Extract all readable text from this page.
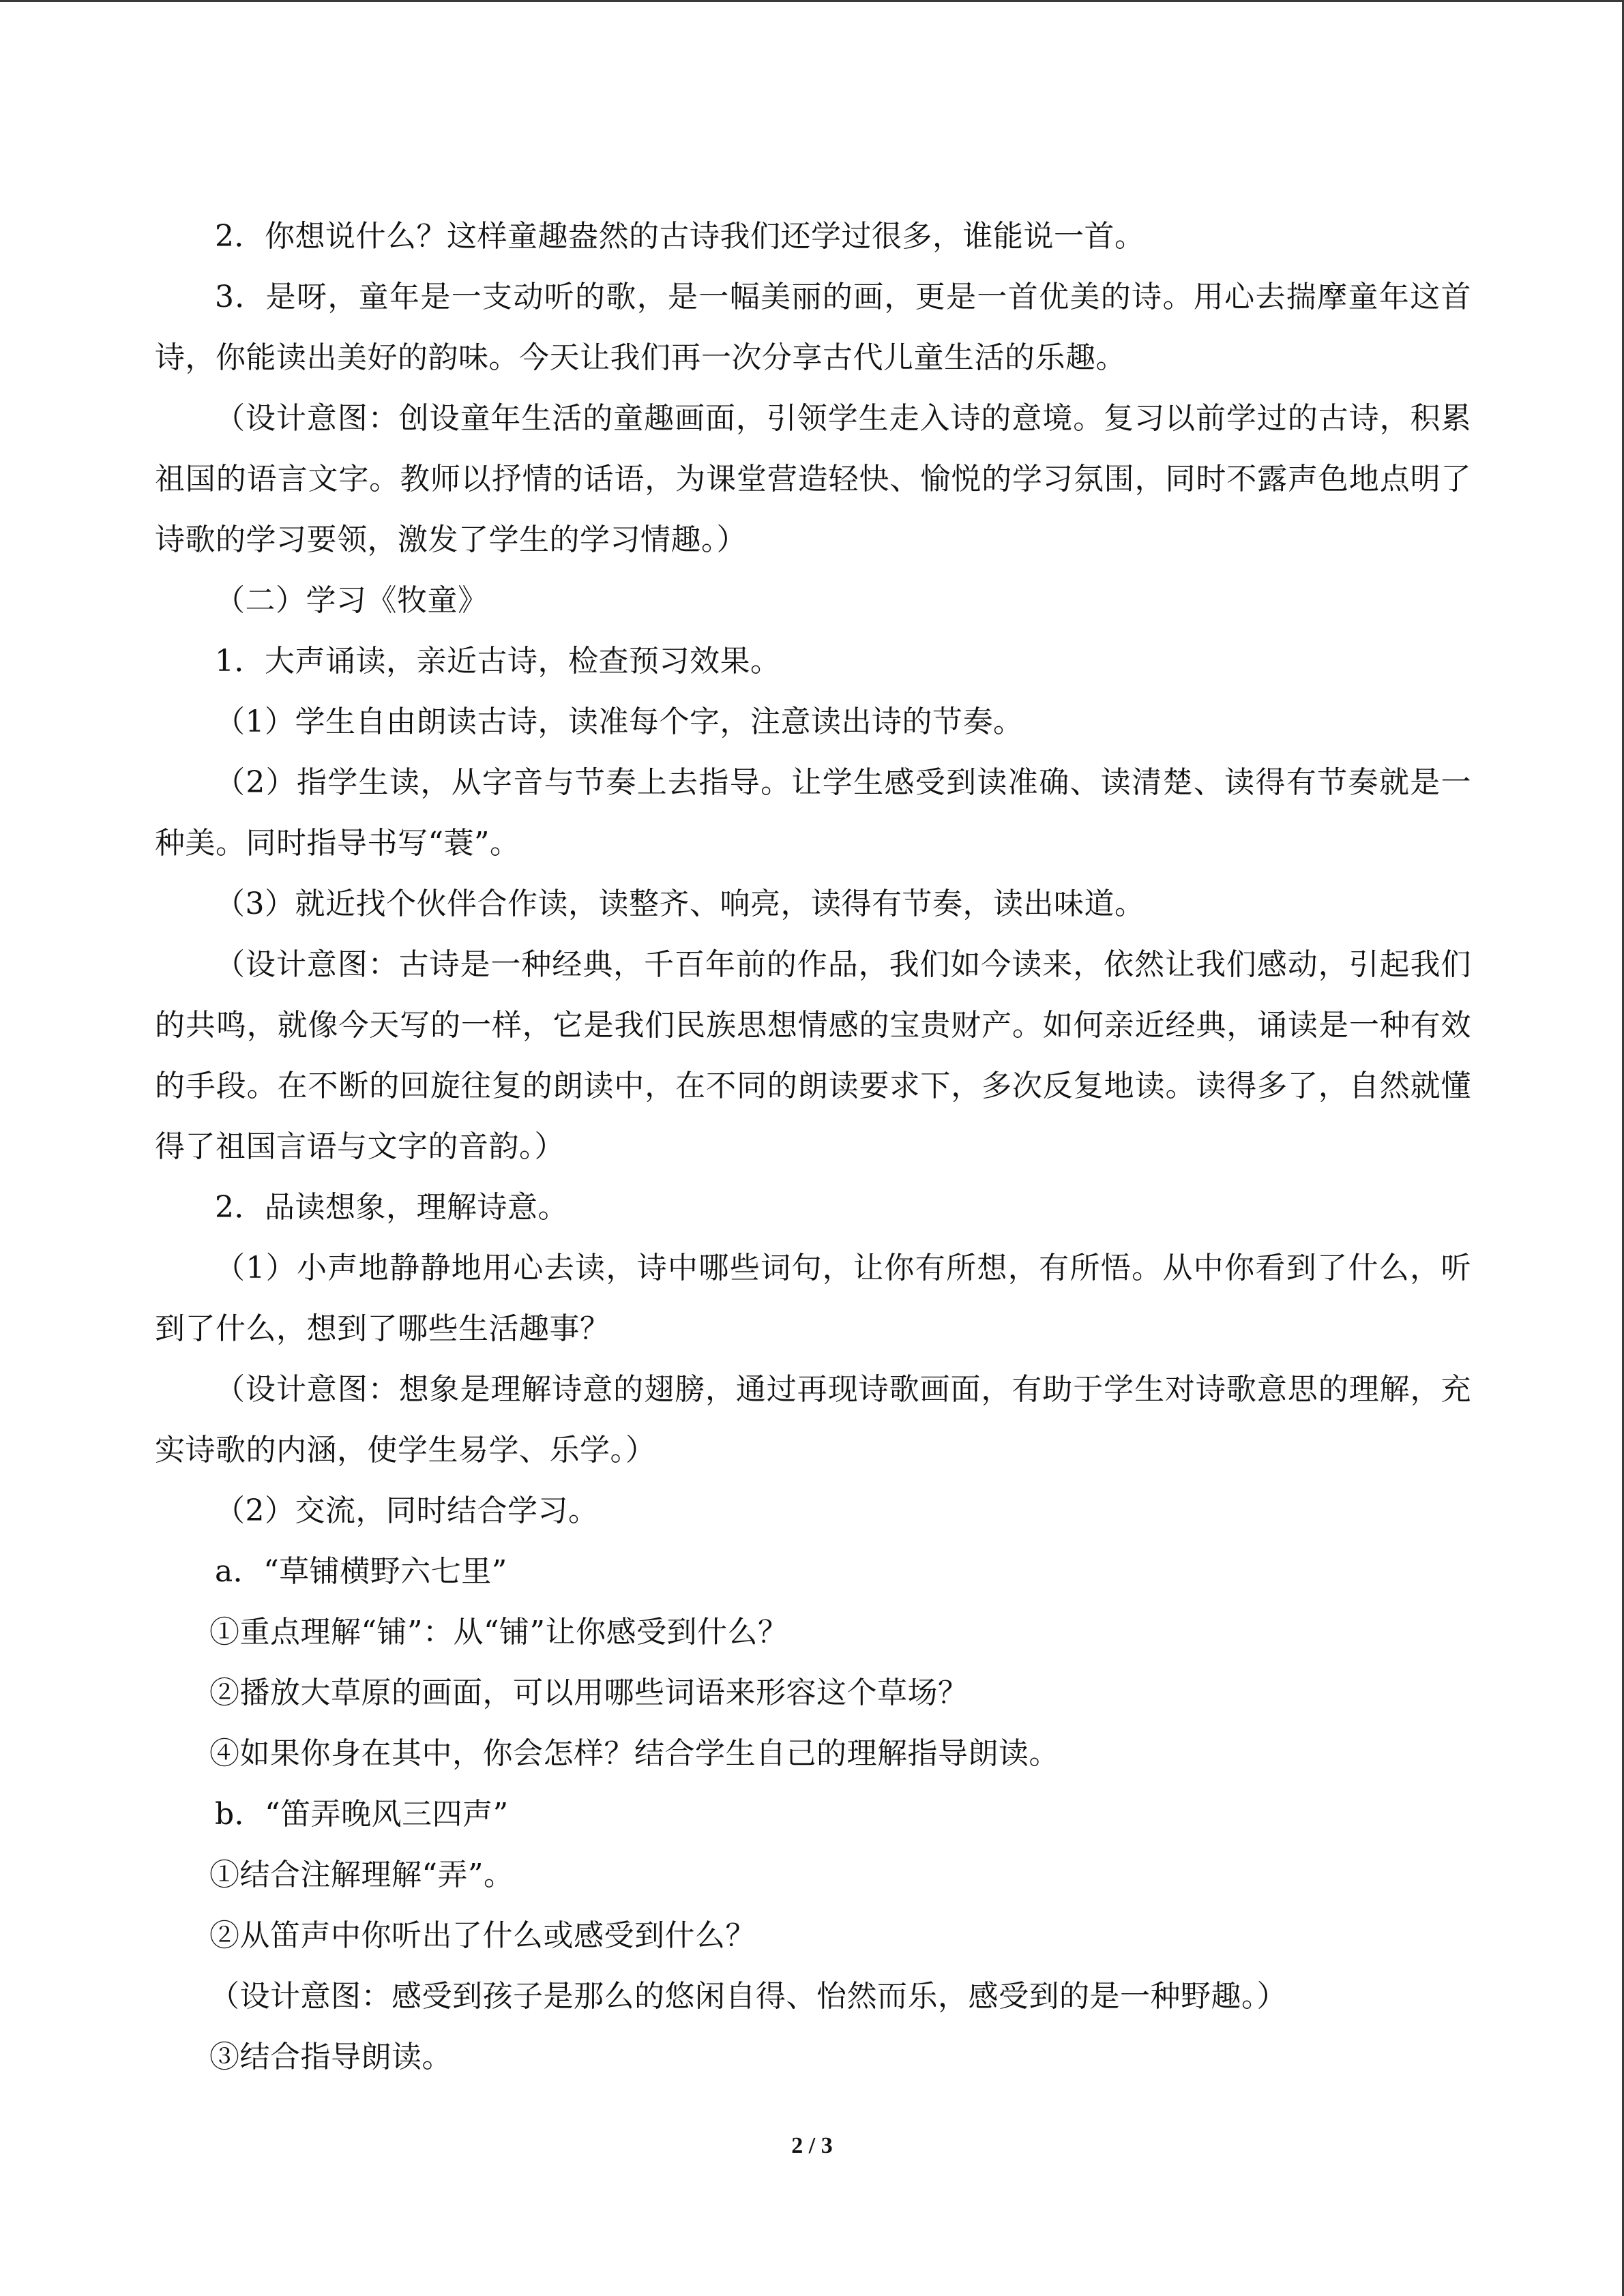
2．你想说什么？这样童趣盎然的古诗我们还学过很多，谁能说一首。

3．是呀，童年是一支动听的歌，是一幅美丽的画，更是一首优美的诗。用心去揣摩童年这首诗，你能读出美好的韵味。今天让我们再一次分享古代儿童生活的乐趣。

（设计意图：创设童年生活的童趣画面，引领学生走入诗的意境。复习以前学过的古诗，积累祖国的语言文字。教师以抒情的话语，为课堂营造轻快、愉悦的学习氛围，同时不露声色地点明了诗歌的学习要领，激发了学生的学习情趣。）

（二）学习《牧童》

1．大声诵读，亲近古诗，检查预习效果。

（1）学生自由朗读古诗，读准每个字，注意读出诗的节奏。

（2）指学生读，从字音与节奏上去指导。让学生感受到读准确、读清楚、读得有节奏就是一种美。同时指导书写“蓑”。

（3）就近找个伙伴合作读，读整齐、响亮，读得有节奏，读出味道。

（设计意图：古诗是一种经典，千百年前的作品，我们如今读来，依然让我们感动，引起我们的共鸣，就像今天写的一样，它是我们民族思想情感的宝贵财产。如何亲近经典，诵读是一种有效的手段。在不断的回旋往复的朗读中，在不同的朗读要求下，多次反复地读。读得多了，自然就懂得了祖国言语与文字的音韵。）

2．品读想象，理解诗意。

（1）小声地静静地用心去读，诗中哪些词句，让你有所想，有所悟。从中你看到了什么，听到了什么，想到了哪些生活趣事？

（设计意图：想象是理解诗意的翅膀，通过再现诗歌画面，有助于学生对诗歌意思的理解，充实诗歌的内涵，使学生易学、乐学。）

（2）交流，同时结合学习。

a．“草铺横野六七里”

①重点理解“铺”：从“铺”让你感受到什么？

②播放大草原的画面，可以用哪些词语来形容这个草场？

④如果你身在其中，你会怎样？结合学生自己的理解指导朗读。

b．“笛弄晚风三四声”

①结合注解理解“弄”。

②从笛声中你听出了什么或感受到什么？

（设计意图：感受到孩子是那么的悠闲自得、怡然而乐，感受到的是一种野趣。）

③结合指导朗读。

2 / 3
